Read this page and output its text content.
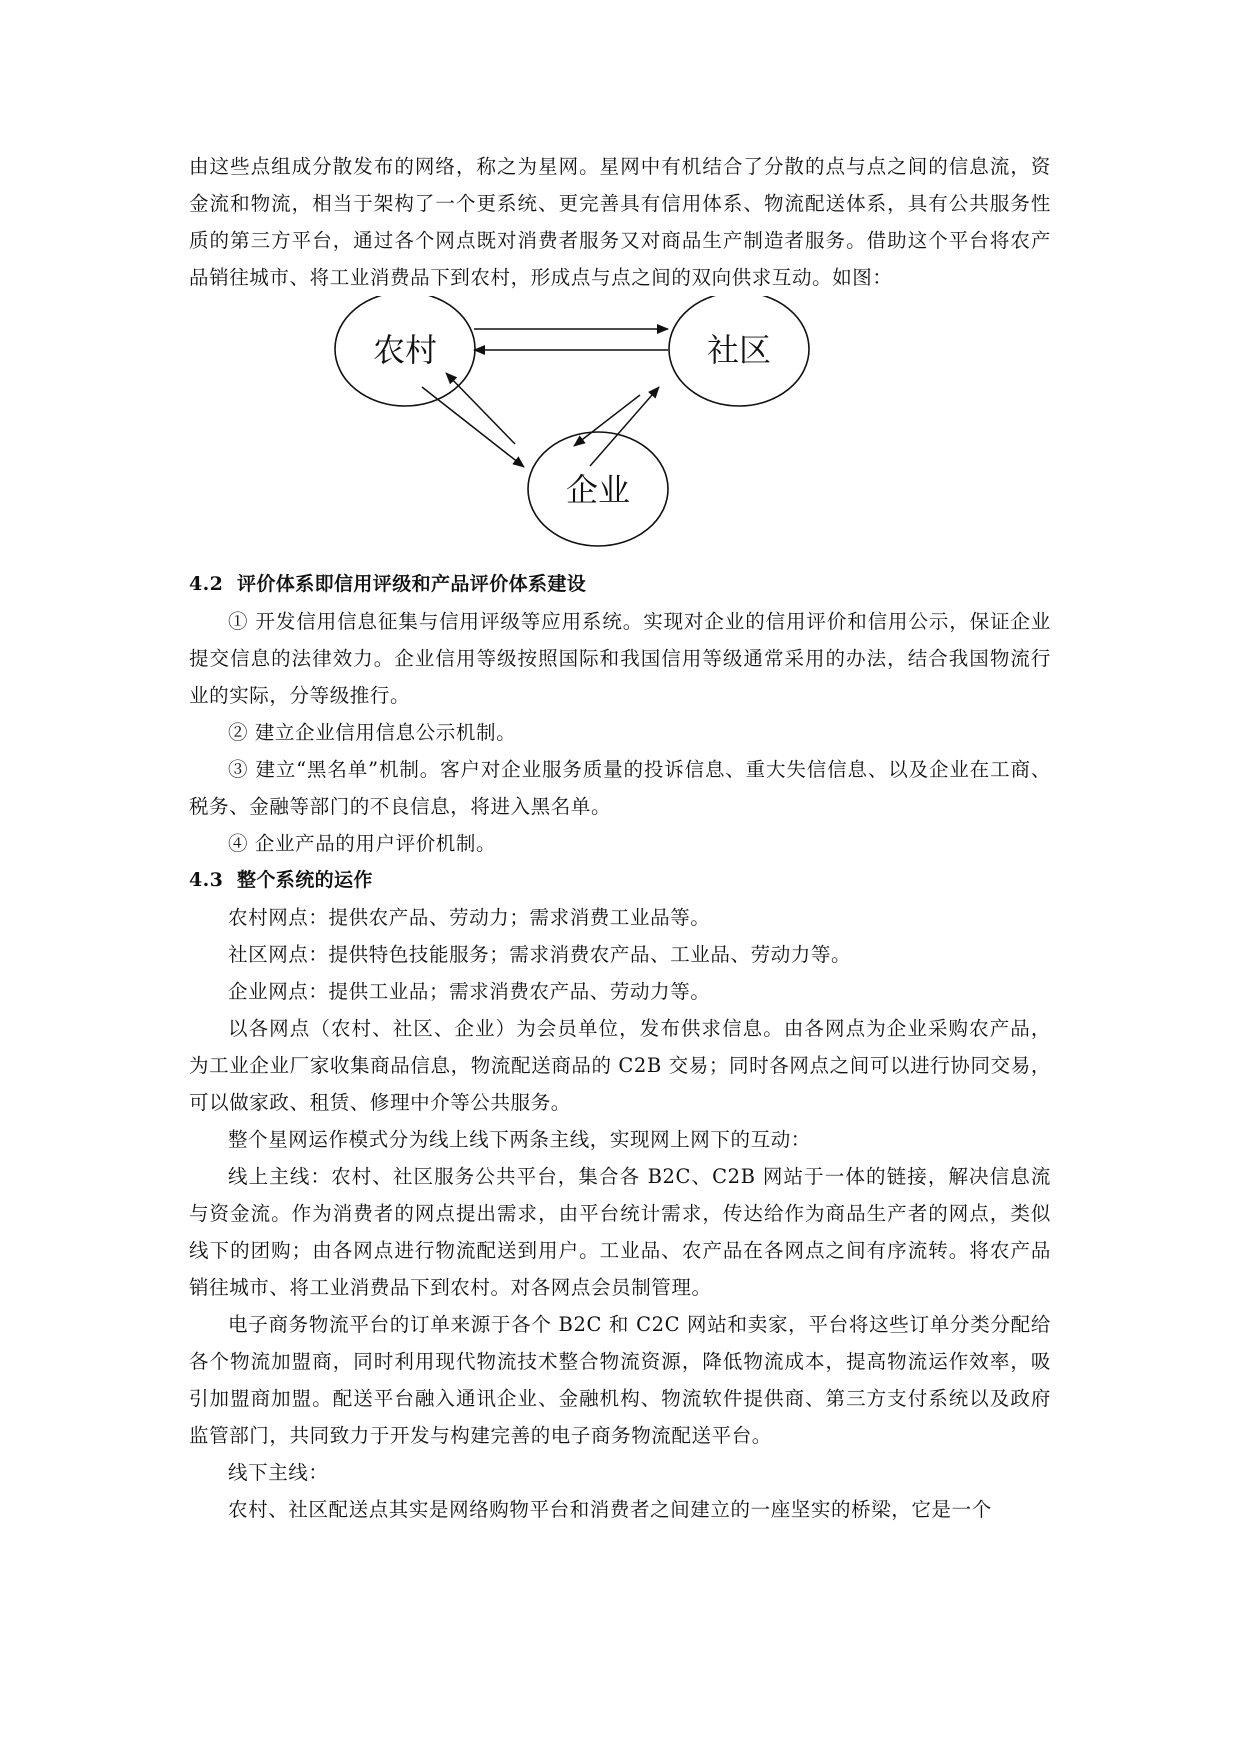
由这些点组成分散发布的网络，称之为星网。星网中有机结合了分散的点与点之间的信息流，资金流和物流，相当于架构了一个更系统、更完善具有信用体系、物流配送体系，具有公共服务性质的第三方平台，通过各个网点既对消费者服务又对商品生产制造者服务。借助这个平台将农产品销往城市、将工业消费品下到农村，形成点与点之间的双向供求互动。如图：

农村	社区
企业
4.2 评价体系即信用评级和产品评价体系建设

① 开发信用信息征集与信用评级等应用系统。实现对企业的信用评价和信用公示，保证企业提交信息的法律效力。企业信用等级按照国际和我国信用等级通常采用的办法，结合我国物流行业的实际，分等级推行。

② 建立企业信用信息公示机制。

③ 建立“黑名单”机制。客户对企业服务质量的投诉信息、重大失信信息、以及企业在工商、税务、金融等部门的不良信息，将进入黑名单。

④ 企业产品的用户评价机制。

4.3 整个系统的运作

农村网点：提供农产品、劳动力；需求消费工业品等。

社区网点：提供特色技能服务；需求消费农产品、工业品、劳动力等。

企业网点：提供工业品；需求消费农产品、劳动力等。

以各网点（农村、社区、企业）为会员单位，发布供求信息。由各网点为企业采购农产品，为工业企业厂家收集商品信息，物流配送商品的 C2B 交易；同时各网点之间可以进行协同交易，可以做家政、租赁、修理中介等公共服务。

整个星网运作模式分为线上线下两条主线，实现网上网下的互动：

线上主线：农村、社区服务公共平台，集合各 B2C、C2B 网站于一体的链接，解决信息流与资金流。作为消费者的网点提出需求，由平台统计需求，传达给作为商品生产者的网点，类似线下的团购；由各网点进行物流配送到用户。工业品、农产品在各网点之间有序流转。将农产品销往城市、将工业消费品下到农村。对各网点会员制管理。

电子商务物流平台的订单来源于各个 B2C 和 C2C 网站和卖家，平台将这些订单分类分配给各个物流加盟商，同时利用现代物流技术整合物流资源，降低物流成本，提高物流运作效率，吸引加盟商加盟。配送平台融入通讯企业、金融机构、物流软件提供商、第三方支付系统以及政府监管部门，共同致力于开发与构建完善的电子商务物流配送平台。

线下主线：

农村、社区配送点其实是网络购物平台和消费者之间建立的一座坚实的桥梁，它是一个
